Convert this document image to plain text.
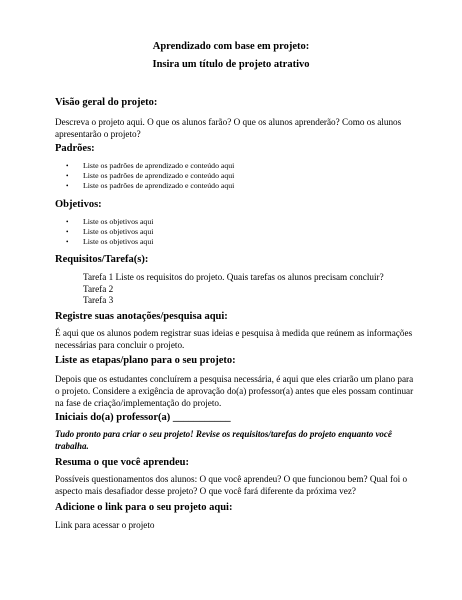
Aprendizado com base em projeto:
Insira um título de projeto atrativo
Visão geral do projeto:
Descreva o projeto aqui. O que os alunos farão? O que os alunos aprenderão? Como os alunos apresentarão o projeto?
Padrões:
• Liste os padrões de aprendizado e conteúdo aqui
• Liste os padrões de aprendizado e conteúdo aqui
• Liste os padrões de aprendizado e conteúdo aqui
Objetivos:
• Liste os objetivos aqui
• Liste os objetivos aqui
• Liste os objetivos aqui
Requisitos/Tarefa(s):
Tarefa 1 Liste os requisitos do projeto. Quais tarefas os alunos precisam concluir?
Tarefa 2
Tarefa 3
Registre suas anotações/pesquisa aqui:
É aqui que os alunos podem registrar suas ideias e pesquisa à medida que reúnem as informações necessárias para concluir o projeto.
Liste as etapas/plano para o seu projeto:
Depois que os estudantes concluírem a pesquisa necessária, é aqui que eles criarão um plano para o projeto. Considere a exigência de aprovação do(a) professor(a) antes que eles possam continuar na fase de criação/implementação do projeto.
Iniciais do(a) professor(a) ___________
Tudo pronto para criar o seu projeto! Revise os requisitos/tarefas do projeto enquanto você trabalha.
Resuma o que você aprendeu:
Possíveis questionamentos dos alunos: O que você aprendeu? O que funcionou bem? Qual foi o aspecto mais desafiador desse projeto? O que você fará diferente da próxima vez?
Adicione o link para o seu projeto aqui:
Link para acessar o projeto
